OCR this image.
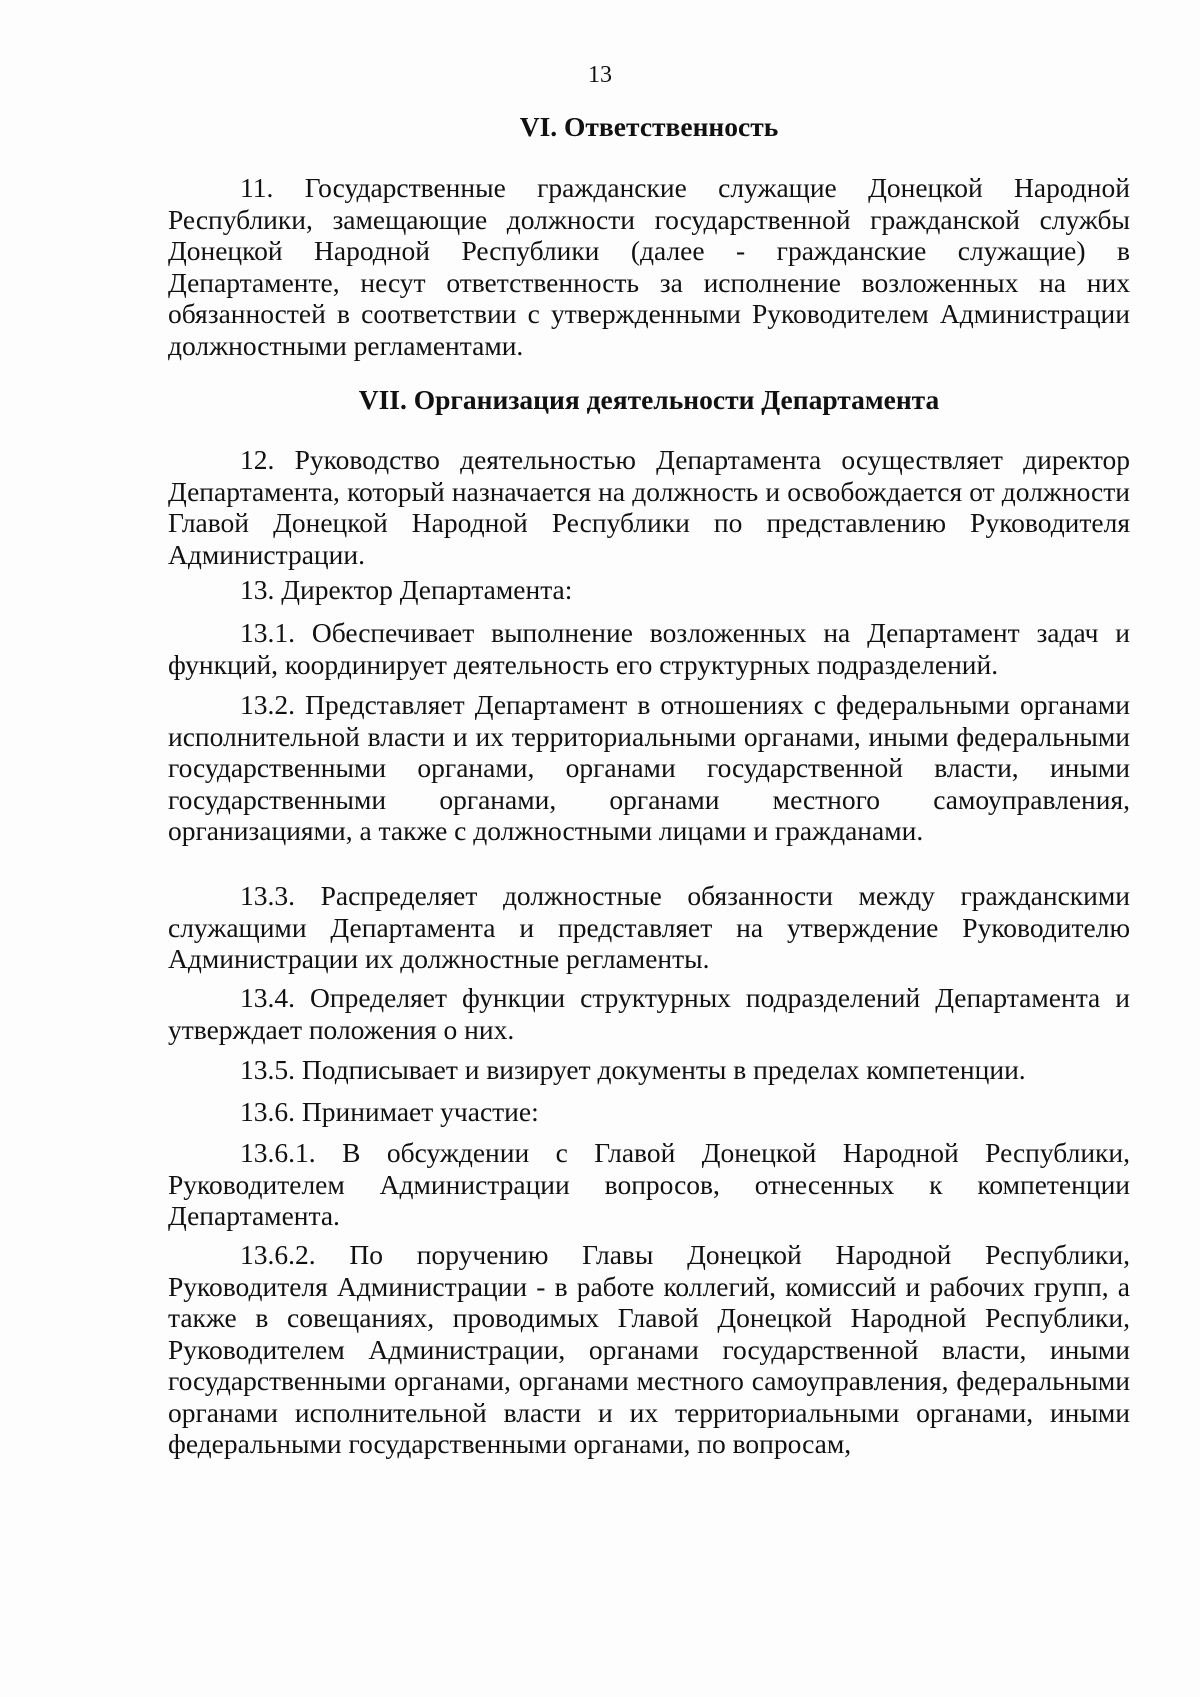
13
VI. Ответственность

11. Государственные гражданские служащие Донецкой Народной Республики, замещающие должности государственной гражданской службы Донецкой Народной Республики (далее - гражданские служащие) в Департаменте, несут ответственность за исполнение возложенных на них обязанностей в соответствии с утвержденными Руководителем Администрации должностными регламентами.

VII. Организация деятельности Департамента

12. Руководство деятельностью Департамента осуществляет директор Департамента, который назначается на должность и освобождается от должности Главой Донецкой Народной Республики по представлению Руководителя Администрации.

13. Директор Департамента:

13.1. Обеспечивает выполнение возложенных на Департамент задач и функций, координирует деятельность его структурных подразделений.

13.2. Представляет Департамент в отношениях с федеральными органами исполнительной власти и их территориальными органами, иными федеральными государственными органами, органами государственной власти, иными государственными органами, органами местного самоуправления, организациями, а также с должностными лицами и гражданами.

13.3. Распределяет должностные обязанности между гражданскими служащими Департамента и представляет на утверждение Руководителю Администрации их должностные регламенты.

13.4. Определяет функции структурных подразделений Департамента и утверждает положения о них.

13.5. Подписывает и визирует документы в пределах компетенции.

13.6. Принимает участие:

13.6.1. В обсуждении с Главой Донецкой Народной Республики, Руководителем Администрации вопросов, отнесенных к компетенции Департамента.

13.6.2. По поручению Главы Донецкой Народной Республики, Руководителя Администрации - в работе коллегий, комиссий и рабочих групп, а также в совещаниях, проводимых Главой Донецкой Народной Республики, Руководителем Администрации, органами государственной власти, иными государственными органами, органами местного самоуправления, федеральными органами исполнительной власти и их территориальными органами, иными федеральными государственными органами, по вопросам,
